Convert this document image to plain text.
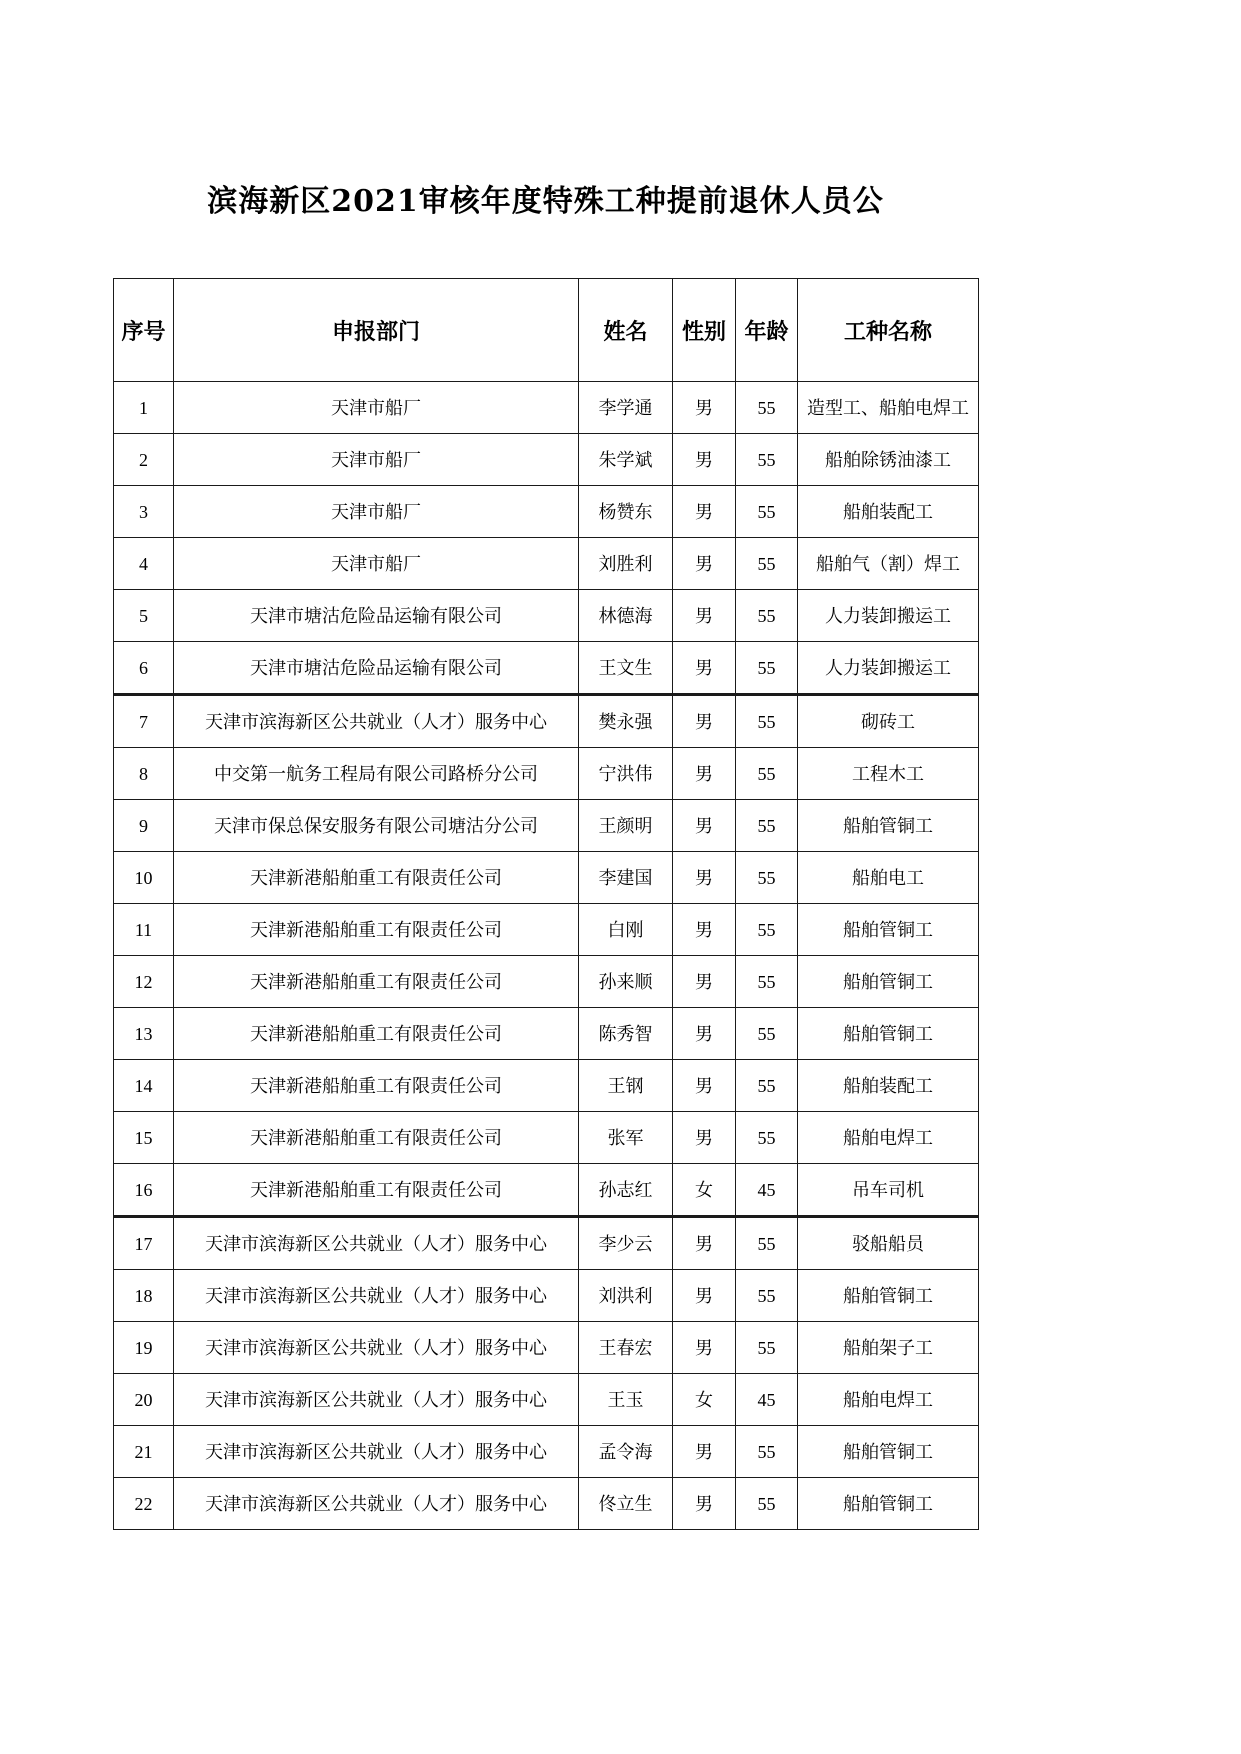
滨海新区2021审核年度特殊工种提前退休人员公
序号	申报部门	姓名	性别	年龄	工种名称
1	天津市船厂	李学通	男	55	造型工、船舶电焊工
2	天津市船厂	朱学斌	男	55	船舶除锈油漆工
3	天津市船厂	杨赞东	男	55	船舶装配工
4	天津市船厂	刘胜利	男	55	船舶气（割）焊工
5	天津市塘沽危险品运输有限公司	林德海	男	55	人力装卸搬运工
6	天津市塘沽危险品运输有限公司	王文生	男	55	人力装卸搬运工
7	天津市滨海新区公共就业（人才）服务中心	樊永强	男	55	砌砖工
8	中交第一航务工程局有限公司路桥分公司	宁洪伟	男	55	工程木工
9	天津市保总保安服务有限公司塘沽分公司	王颜明	男	55	船舶管铜工
10	天津新港船舶重工有限责任公司	李建国	男	55	船舶电工
11	天津新港船舶重工有限责任公司	白刚	男	55	船舶管铜工
12	天津新港船舶重工有限责任公司	孙来顺	男	55	船舶管铜工
13	天津新港船舶重工有限责任公司	陈秀智	男	55	船舶管铜工
14	天津新港船舶重工有限责任公司	王钢	男	55	船舶装配工
15	天津新港船舶重工有限责任公司	张军	男	55	船舶电焊工
16	天津新港船舶重工有限责任公司	孙志红	女	45	吊车司机
17	天津市滨海新区公共就业（人才）服务中心	李少云	男	55	驳船船员
18	天津市滨海新区公共就业（人才）服务中心	刘洪利	男	55	船舶管铜工
19	天津市滨海新区公共就业（人才）服务中心	王春宏	男	55	船舶架子工
20	天津市滨海新区公共就业（人才）服务中心	王玉	女	45	船舶电焊工
21	天津市滨海新区公共就业（人才）服务中心	孟令海	男	55	船舶管铜工
22	天津市滨海新区公共就业（人才）服务中心	佟立生	男	55	船舶管铜工
